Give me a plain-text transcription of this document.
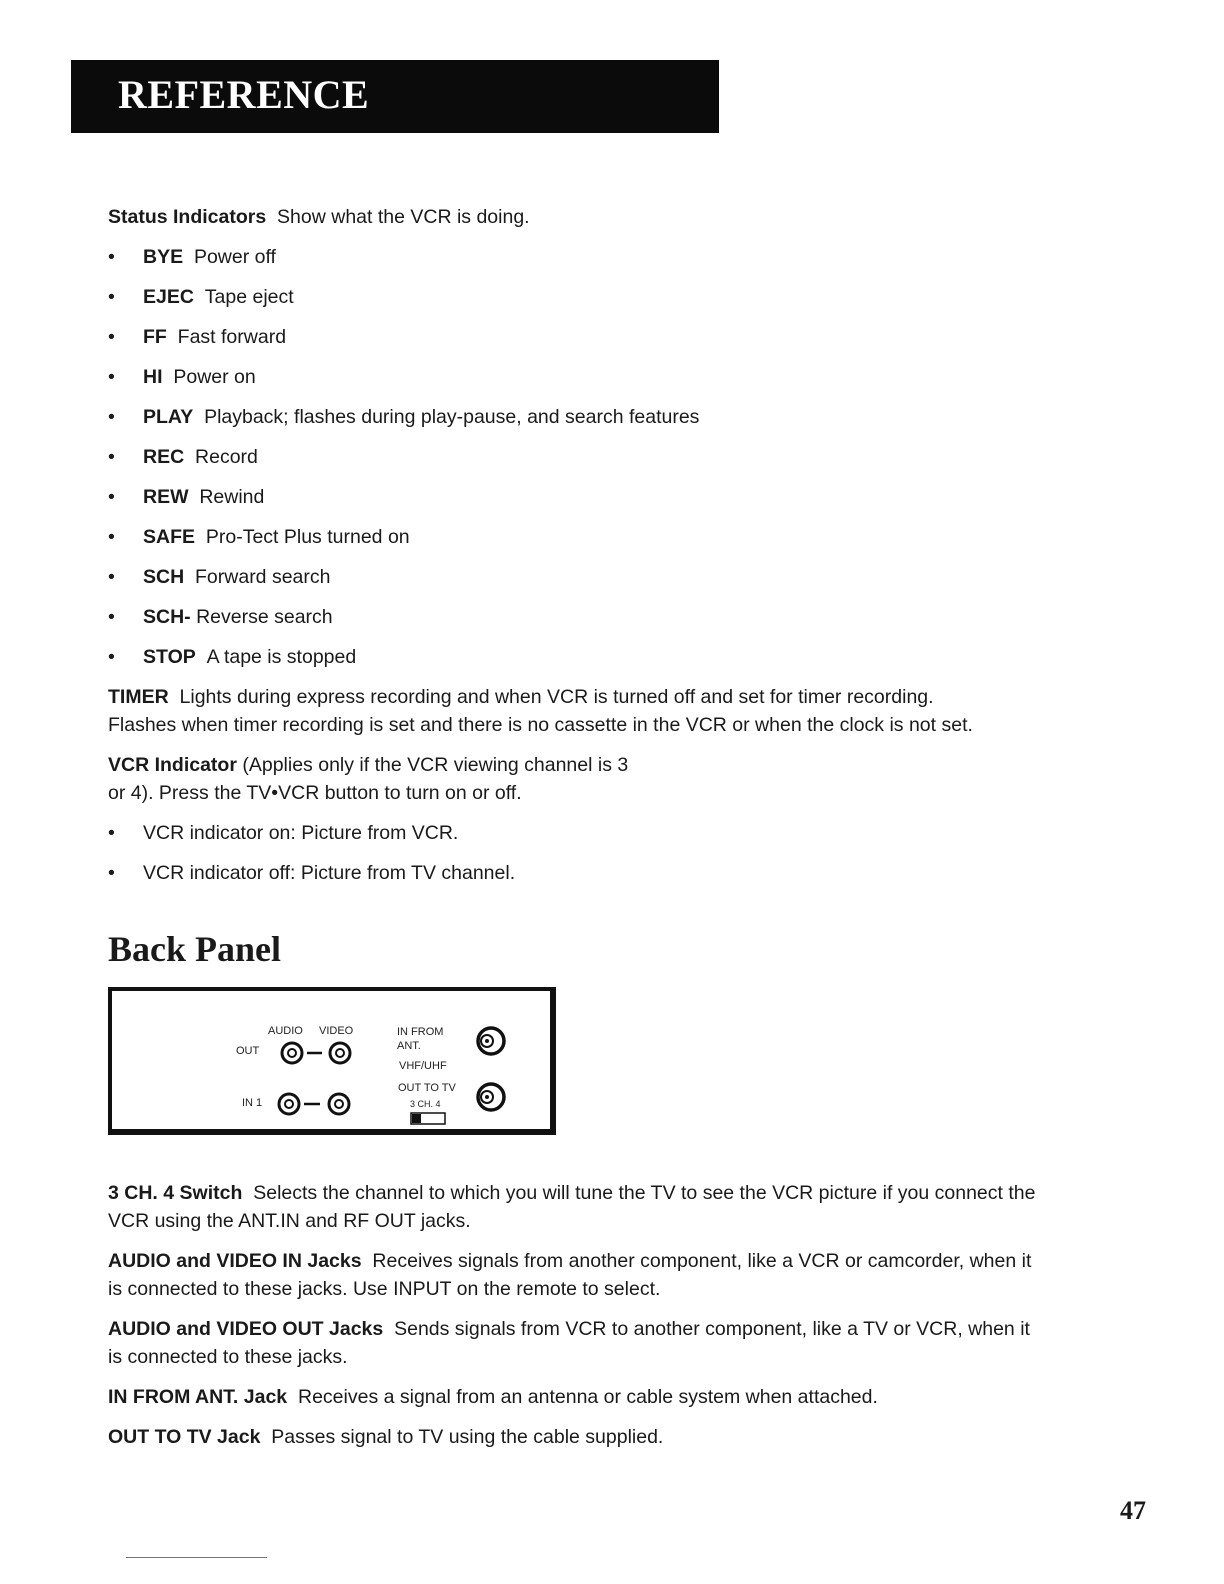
REFERENCE

Status Indicators Show what the VCR is doing.

•	BYE Power off
•	EJEC Tape eject
•	FF Fast forward
•	HI Power on
•	PLAY Playback; flashes during play-pause, and search features
•	REC Record
•	REW Rewind
•	SAFE Pro-Tect Plus turned on
•	SCH Forward search
•	SCH- Reverse search
•	STOP A tape is stopped

TIMER Lights during express recording and when VCR is turned off and set for timer recording.
Flashes when timer recording is set and there is no cassette in the VCR or when the clock is not set.

VCR Indicator (Applies only if the VCR viewing channel is 3
or 4). Press the TV•VCR button to turn on or off.

•	VCR indicator on: Picture from VCR.
•	VCR indicator off: Picture from TV channel.
Back Panel
AUDIO VIDEO
OUT
IN 1
IN FROM
ANT.
VHF/UHF
OUT TO TV
3 CH. 4

3 CH. 4 Switch Selects the channel to which you will tune the TV to see the VCR picture if you connect the
VCR using the ANT.IN and RF OUT jacks.

AUDIO and VIDEO IN Jacks Receives signals from another component, like a VCR or camcorder, when it
is connected to these jacks. Use INPUT on the remote to select.

AUDIO and VIDEO OUT Jacks Sends signals from VCR to another component, like a TV or VCR, when it
is connected to these jacks.

IN FROM ANT. Jack Receives a signal from an antenna or cable system when attached.

OUT TO TV Jack Passes signal to TV using the cable supplied.

47
